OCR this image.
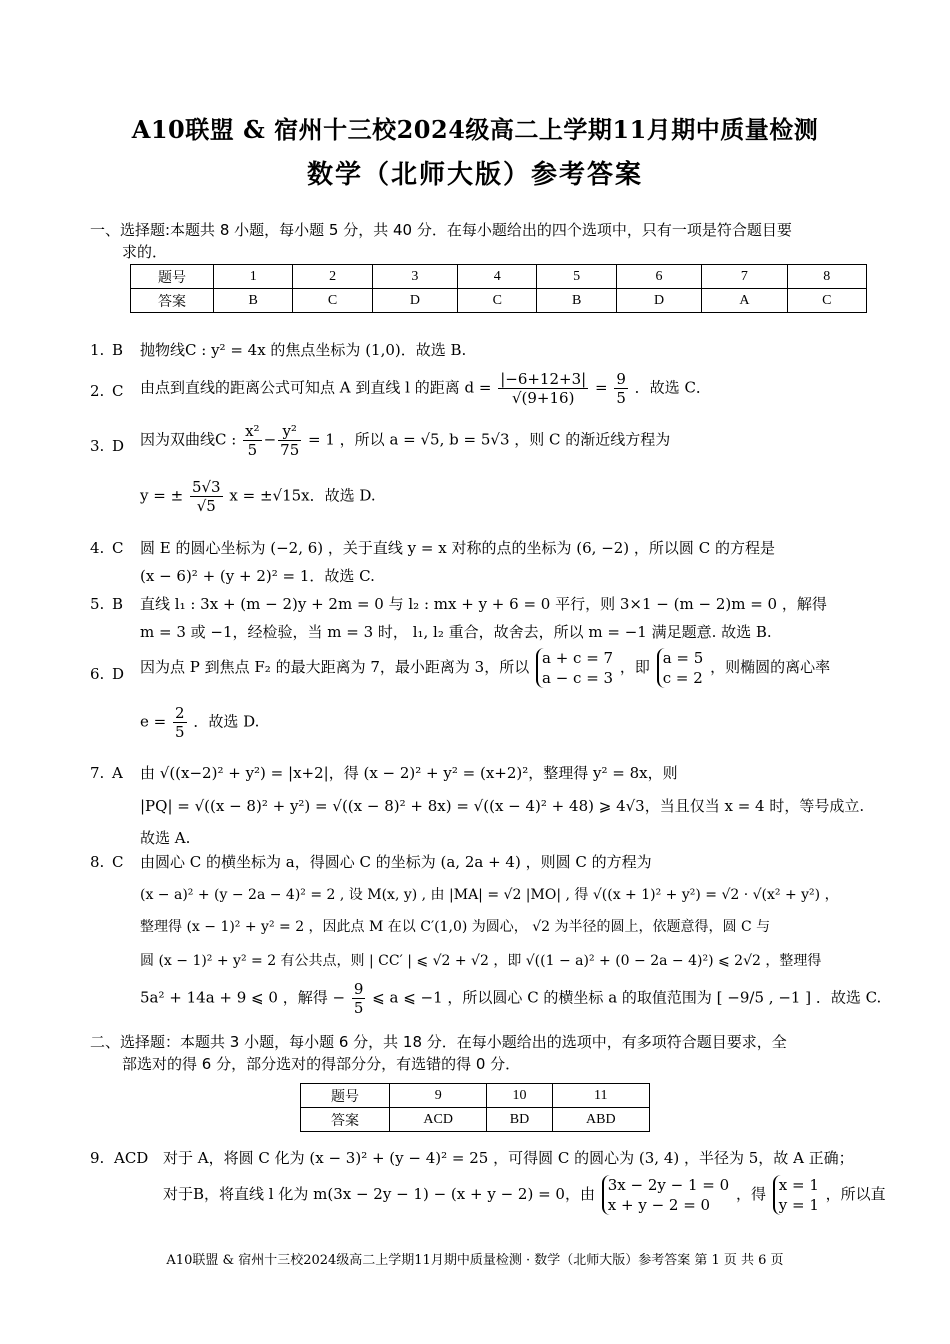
A10联盟 & 宿州十三校2024级高二上学期11月期中质量检测
数学（北师大版）参考答案
一、选择题:本题共 8 小题，每小题 5 分，共 40 分．在每小题给出的四个选项中，只有一项是符合题目要
求的．
题号	1	2	3	4	5	6	7	8
答案	B	C	D	C	B	D	A	C
1. B 抛物线C : y² = 4x 的焦点坐标为 (1,0)．故选 B.
2. C 由点到直线的距离公式可知点 A 到直线 l 的距离 $d = \frac{|-6+12+3|}{√(9+16)} = \frac{9}{5}$ ．故选 C．
3. D 因为双曲线C : $\frac{\text{x²}}{5} - \frac{\text{y²}}{75} = 1$ ，所以 a = √5, b = 5√3 ，则 C 的渐近线方程为
y = ± $\frac{5√3}{√5}$ x = ±√15x．故选 D.
4. C 圆 E 的圆心坐标为 (−2, 6) ，关于直线 y = x 对称的点的坐标为 (6, −2) ，所以圆 C 的方程是
(x − 6)² + (y + 2)² = 1．故选 C.
5. B 直线 l₁ : 3x + (m − 2)y + 2m = 0 与 l₂ : mx + y + 6 = 0 平行，则 3×1 − (m − 2)m = 0 ，解得
m = 3 或 −1，经检验，当 m = 3 时， l₁, l₂ 重合，故舍去，所以 m = −1 满足题意. 故选 B.
6. D 因为点 P 到焦点 F₂ 的最大距离为 7，最小距离为 3，所以 a + c = 7
a − c = 3
，即 a = 5
c = 2
，则椭圆的离心率
$e = \frac{2}{5}$ ．故选 D.
7. A 由 √((x−2)² + y²) = |x+2|，得 (x − 2)² + y² = (x+2)²，整理得 y² = 8x，则
|PQ| = √((x − 8)² + y²) = √((x − 8)² + 8x) = √((x − 4)² + 48) ⩾ 4√3，当且仅当 x = 4 时，等号成立.
故选 A.
8. C 由圆心 C 的横坐标为 a，得圆心 C 的坐标为 (a, 2a + 4) ，则圆 C 的方程为
(x − a)² + (y − 2a − 4)² = 2 , 设 M(x, y) , 由 |MA| = √2 |MO| , 得 √((x + 1)² + y²) = √2 · √(x² + y²) ，
整理得 (x − 1)² + y² = 2 ，因此点 M 在以 C′(1,0) 为圆心， √2 为半径的圆上，依题意得，圆 C 与
圆 (x − 1)² + y² = 2 有公共点，则 | CC′ | ⩽ √2 + √2 ，即 √((1 − a)² + (0 − 2a − 4)²) ⩽ 2√2 ，整理得
5a² + 14a + 9 ⩽ 0 ，解得 − $\frac{9}{5}$ ⩽ a ⩽ −1 ，所以圆心 C 的横坐标 a 的取值范围为 [ −9/5 , −1 ] ．故选 C.
二、选择题：本题共 3 小题，每小题 6 分，共 18 分．在每小题给出的选项中，有多项符合题目要求，全
部选对的得 6 分，部分选对的得部分分，有选错的得 0 分．
题号	9	10	11
答案	ACD	BD	ABD
9. ACD 对于 A，将圆 C 化为 (x − 3)² + (y − 4)² = 25 ，可得圆 C 的圆心为 (3, 4) ，半径为 5，故 A 正确；
对于B，将直线 l 化为 m(3x − 2y − 1) − (x + y − 2) = 0，由 3x − 2y − 1 = 0
x + y − 2 = 0
，得 x = 1
y = 1
，所以直
A10联盟 & 宿州十三校2024级高二上学期11月期中质量检测 · 数学（北师大版）参考答案 第 1 页 共 6 页
